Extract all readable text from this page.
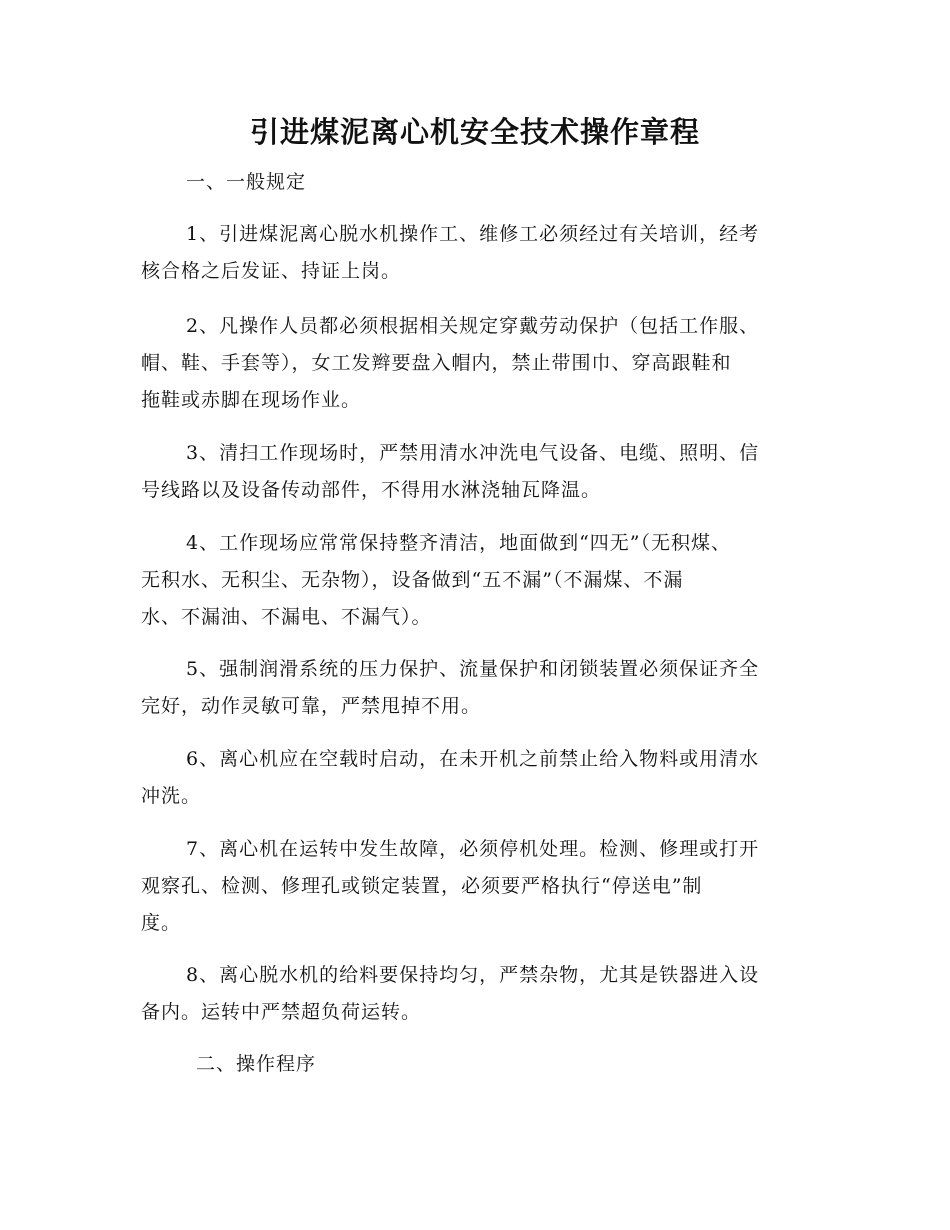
引进煤泥离心机安全技术操作章程

一、一般规定

1、引进煤泥离心脱水机操作工、维修工必须经过有关培训，经考
核合格之后发证、持证上岗。
2、凡操作人员都必须根据相关规定穿戴劳动保护（包括工作服、
帽、鞋、手套等），女工发辫要盘入帽内，禁止带围巾、穿高跟鞋和
拖鞋或赤脚在现场作业。
3、清扫工作现场时，严禁用清水冲洗电气设备、电缆、照明、信
号线路以及设备传动部件，不得用水淋浇轴瓦降温。
4、工作现场应常常保持整齐清洁，地面做到“四无”（无积煤、
无积水、无积尘、无杂物），设备做到“五不漏”（不漏煤、不漏
水、不漏油、不漏电、不漏气）。
5、强制润滑系统的压力保护、流量保护和闭锁装置必须保证齐全
完好，动作灵敏可靠，严禁甩掉不用。
6、离心机应在空载时启动，在未开机之前禁止给入物料或用清水
冲洗。
7、离心机在运转中发生故障，必须停机处理。检测、修理或打开
观察孔、检测、修理孔或锁定装置，必须要严格执行“停送电”制
度。
8、离心脱水机的给料要保持均匀，严禁杂物，尤其是铁器进入设
备内。运转中严禁超负荷运转。

二、操作程序
